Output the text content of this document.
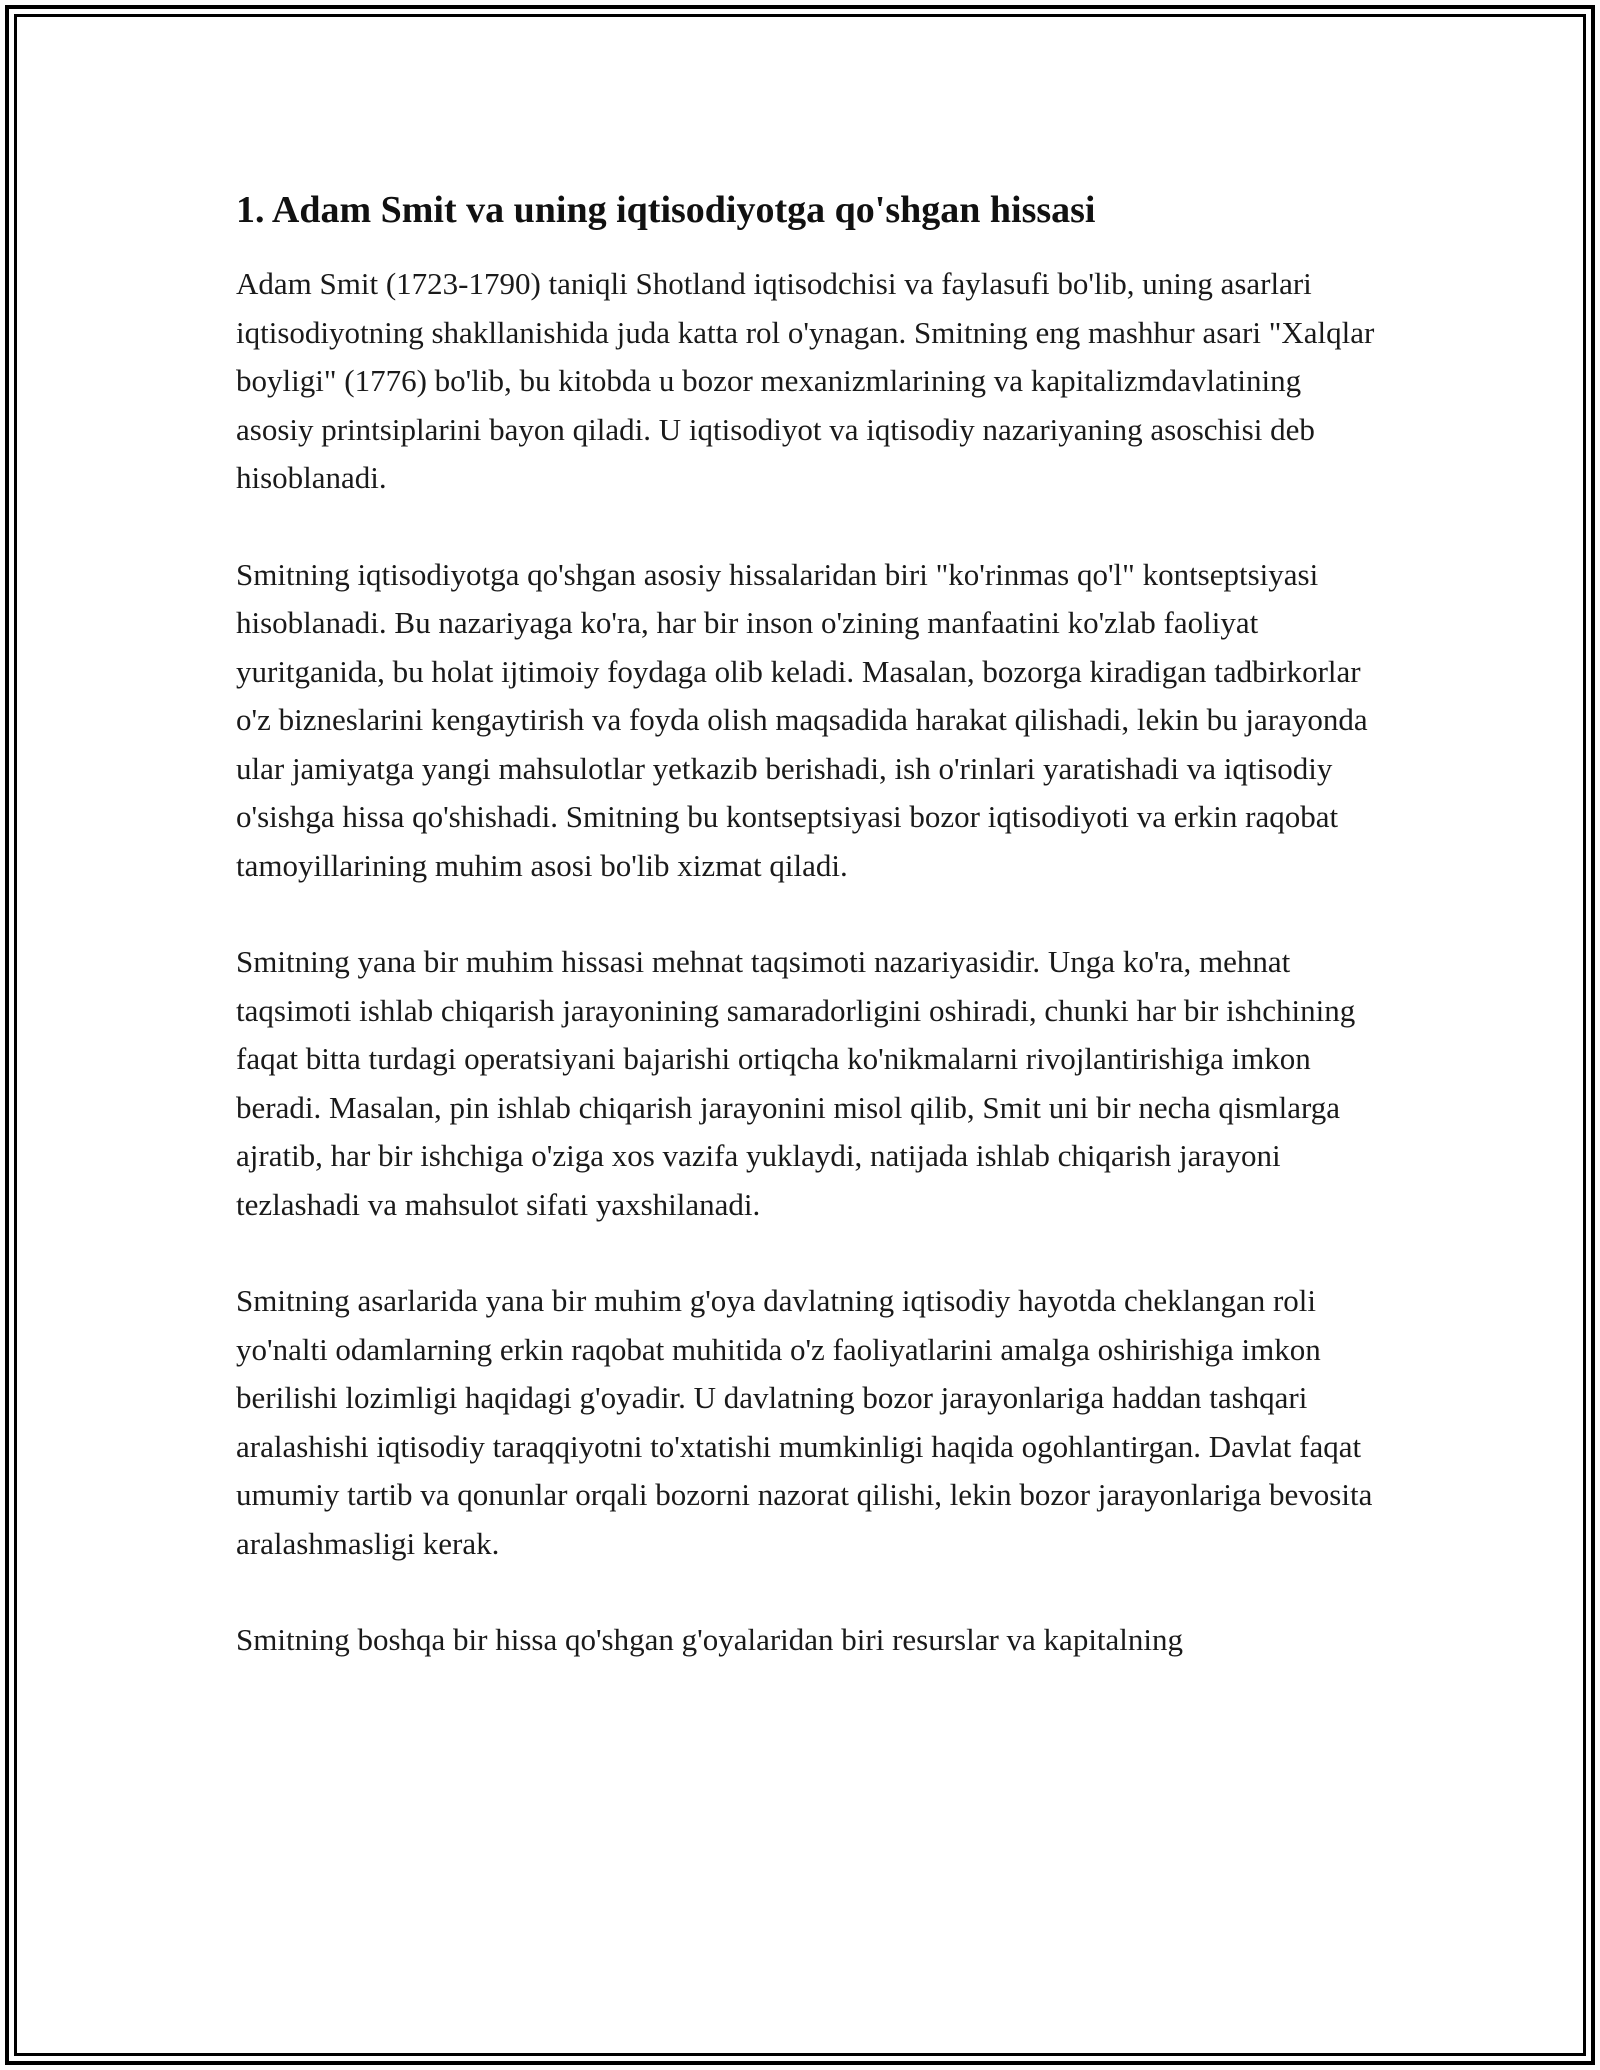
1. Adam Smit va uning iqtisodiyotga qo'shgan hissasi

Adam Smit (1723-1790) taniqli Shotland iqtisodchisi va faylasufi bo'lib, uning asarlari iqtisodiyotning shakllanishida juda katta rol o'ynagan. Smitning eng mashhur asari "Xalqlar boyligi" (1776) bo'lib, bu kitobda u bozor mexanizmlarining va kapitalizmdavlatining asosiy printsiplarini bayon qiladi. U iqtisodiyot va iqtisodiy nazariyaning asoschisi deb hisoblanadi.

Smitning iqtisodiyotga qo'shgan asosiy hissalaridan biri "ko'rinmas qo'l" kontseptsiyasi hisoblanadi. Bu nazariyaga ko'ra, har bir inson o'zining manfaatini ko'zlab faoliyat yuritganida, bu holat ijtimoiy foydaga olib keladi. Masalan, bozorga kiradigan tadbirkorlar o'z bizneslarini kengaytirish va foyda olish maqsadida harakat qilishadi, lekin bu jarayonda ular jamiyatga yangi mahsulotlar yetkazib berishadi, ish o'rinlari yaratishadi va iqtisodiy o'sishga hissa qo'shishadi. Smitning bu kontseptsiyasi bozor iqtisodiyoti va erkin raqobat tamoyillarining muhim asosi bo'lib xizmat qiladi.

Smitning yana bir muhim hissasi mehnat taqsimoti nazariyasidir. Unga ko'ra, mehnat taqsimoti ishlab chiqarish jarayonining samaradorligini oshiradi, chunki har bir ishchining faqat bitta turdagi operatsiyani bajarishi ortiqcha ko'nikmalarni rivojlantirishiga imkon beradi. Masalan, pin ishlab chiqarish jarayonini misol qilib, Smit uni bir necha qismlarga ajratib, har bir ishchiga o'ziga xos vazifa yuklaydi, natijada ishlab chiqarish jarayoni tezlashadi va mahsulot sifati yaxshilanadi.

Smitning asarlarida yana bir muhim g'oya davlatning iqtisodiy hayotda cheklangan roli yo'nalti odamlarning erkin raqobat muhitida o'z faoliyatlarini amalga oshirishiga imkon berilishi lozimligi haqidagi g'oyadir. U davlatning bozor jarayonlariga haddan tashqari aralashishi iqtisodiy taraqqiyotni to'xtatishi mumkinligi haqida ogohlantirgan. Davlat faqat umumiy tartib va qonunlar orqali bozorni nazorat qilishi, lekin bozor jarayonlariga bevosita aralashmasligi kerak.

Smitning boshqa bir hissa qo'shgan g'oyalaridan biri resurslar va kapitalning
